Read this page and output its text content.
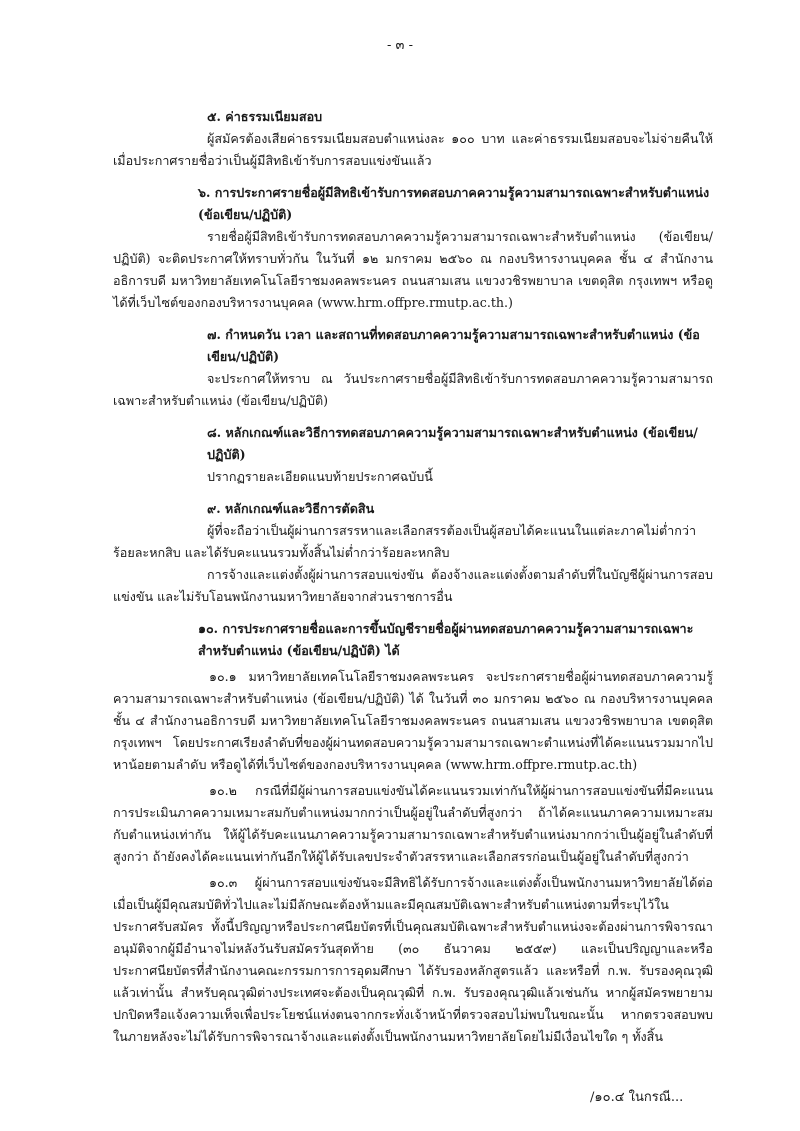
- ๓ -

๕. ค่าธรรมเนียมสอบ

ผู้สมัครต้องเสียค่าธรรมเนียมสอบตำแหน่งละ ๑๐๐ บาท และค่าธรรมเนียมสอบจะไม่จ่ายคืนให้ เมื่อประกาศรายชื่อว่าเป็นผู้มีสิทธิเข้ารับการสอบแข่งขันแล้ว

๖. การประกาศรายชื่อผู้มีสิทธิเข้ารับการทดสอบภาคความรู้ความสามารถเฉพาะสำหรับตำแหน่ง (ข้อเขียน/ปฏิบัติ)

รายชื่อผู้มีสิทธิเข้ารับการทดสอบภาคความรู้ความสามารถเฉพาะสำหรับตำแหน่ง (ข้อเขียน/ปฏิบัติ) จะติดประกาศให้ทราบทั่วกัน ในวันที่ ๑๒ มกราคม ๒๕๖๐ ณ กองบริหารงานบุคคล ชั้น ๔ สำนักงานอธิการบดี มหาวิทยาลัยเทคโนโลยีราชมงคลพระนคร ถนนสามเสน แขวงวชิรพยาบาล เขตดุสิต กรุงเทพฯ หรือดูได้ที่เว็บไซต์ของกองบริหารงานบุคคล (www.hrm.offpre.rmutp.ac.th.)

๗. กำหนดวัน เวลา และสถานที่ทดสอบภาคความรู้ความสามารถเฉพาะสำหรับตำแหน่ง (ข้อเขียน/ปฏิบัติ)

จะประกาศให้ทราบ ณ วันประกาศรายชื่อผู้มีสิทธิเข้ารับการทดสอบภาคความรู้ความสามารถเฉพาะสำหรับตำแหน่ง (ข้อเขียน/ปฏิบัติ)

๘. หลักเกณฑ์และวิธีการทดสอบภาคความรู้ความสามารถเฉพาะสำหรับตำแหน่ง (ข้อเขียน/ปฏิบัติ)

ปรากฏรายละเอียดแนบท้ายประกาศฉบับนี้

๙. หลักเกณฑ์และวิธีการตัดสิน

ผู้ที่จะถือว่าเป็นผู้ผ่านการสรรหาและเลือกสรรต้องเป็นผู้สอบได้คะแนนในแต่ละภาคไม่ต่ำกว่าร้อยละหกสิบ และได้รับคะแนนรวมทั้งสิ้นไม่ต่ำกว่าร้อยละหกสิบ

การจ้างและแต่งตั้งผู้ผ่านการสอบแข่งขัน ต้องจ้างและแต่งตั้งตามลำดับที่ในบัญชีผู้ผ่านการสอบแข่งขัน และไม่รับโอนพนักงานมหาวิทยาลัยจากส่วนราชการอื่น

๑๐. การประกาศรายชื่อและการขึ้นบัญชีรายชื่อผู้ผ่านทดสอบภาคความรู้ความสามารถเฉพาะสำหรับตำแหน่ง (ข้อเขียน/ปฏิบัติ) ได้

๑๐.๑ มหาวิทยาลัยเทคโนโลยีราชมงคลพระนคร จะประกาศรายชื่อผู้ผ่านทดสอบภาคความรู้ความสามารถเฉพาะสำหรับตำแหน่ง (ข้อเขียน/ปฏิบัติ) ได้ ในวันที่ ๓๐ มกราคม ๒๕๖๐ ณ กองบริหารงานบุคคล ชั้น ๔ สำนักงานอธิการบดี มหาวิทยาลัยเทคโนโลยีราชมงคลพระนคร ถนนสามเสน แขวงวชิรพยาบาล เขตดุสิต กรุงเทพฯ โดยประกาศเรียงลำดับที่ของผู้ผ่านทดสอบความรู้ความสามารถเฉพาะตำแหน่งที่ได้คะแนนรวมมากไปหาน้อยตามลำดับ หรือดูได้ที่เว็บไซต์ของกองบริหารงานบุคคล (www.hrm.offpre.rmutp.ac.th)

๑๐.๒ กรณีที่มีผู้ผ่านการสอบแข่งขันได้คะแนนรวมเท่ากันให้ผู้ผ่านการสอบแข่งขันที่มีคะแนนการประเมินภาคความเหมาะสมกับตำแหน่งมากกว่าเป็นผู้อยู่ในลำดับที่สูงกว่า ถ้าได้คะแนนภาคความเหมาะสมกับตำแหน่งเท่ากัน ให้ผู้ได้รับคะแนนภาคความรู้ความสามารถเฉพาะสำหรับตำแหน่งมากกว่าเป็นผู้อยู่ในลำดับที่สูงกว่า ถ้ายังคงได้คะแนนเท่ากันอีกให้ผู้ได้รับเลขประจำตัวสรรหาและเลือกสรรก่อนเป็นผู้อยู่ในลำดับที่สูงกว่า

๑๐.๓ ผู้ผ่านการสอบแข่งขันจะมีสิทธิได้รับการจ้างและแต่งตั้งเป็นพนักงานมหาวิทยาลัยได้ต่อเมื่อเป็นผู้มีคุณสมบัติทั่วไปและไม่มีลักษณะต้องห้ามและมีคุณสมบัติเฉพาะสำหรับตำแหน่งตามที่ระบุไว้ในประกาศรับสมัคร ทั้งนี้ปริญญาหรือประกาศนียบัตรที่เป็นคุณสมบัติเฉพาะสำหรับตำแหน่งจะต้องผ่านการพิจารณาอนุมัติจากผู้มีอำนาจไม่หลังวันรับสมัครวันสุดท้าย (๓๐ ธันวาคม ๒๕๕๙) และเป็นปริญญาและหรือประกาศนียบัตรที่สำนักงานคณะกรรมการการอุดมศึกษา ได้รับรองหลักสูตรแล้ว และหรือที่ ก.พ. รับรองคุณวุฒิแล้วเท่านั้น สำหรับคุณวุฒิต่างประเทศจะต้องเป็นคุณวุฒิที่ ก.พ. รับรองคุณวุฒิแล้วเช่นกัน หากผู้สมัครพยายามปกปิดหรือแจ้งความเท็จเพื่อประโยชน์แห่งตนจากกระทั่งเจ้าหน้าที่ตรวจสอบไม่พบในขณะนั้น หากตรวจสอบพบในภายหลังจะไม่ได้รับการพิจารณาจ้างและแต่งตั้งเป็นพนักงานมหาวิทยาลัยโดยไม่มีเงื่อนไขใด ๆ ทั้งสิ้น

/๑๐.๔ ในกรณี...
